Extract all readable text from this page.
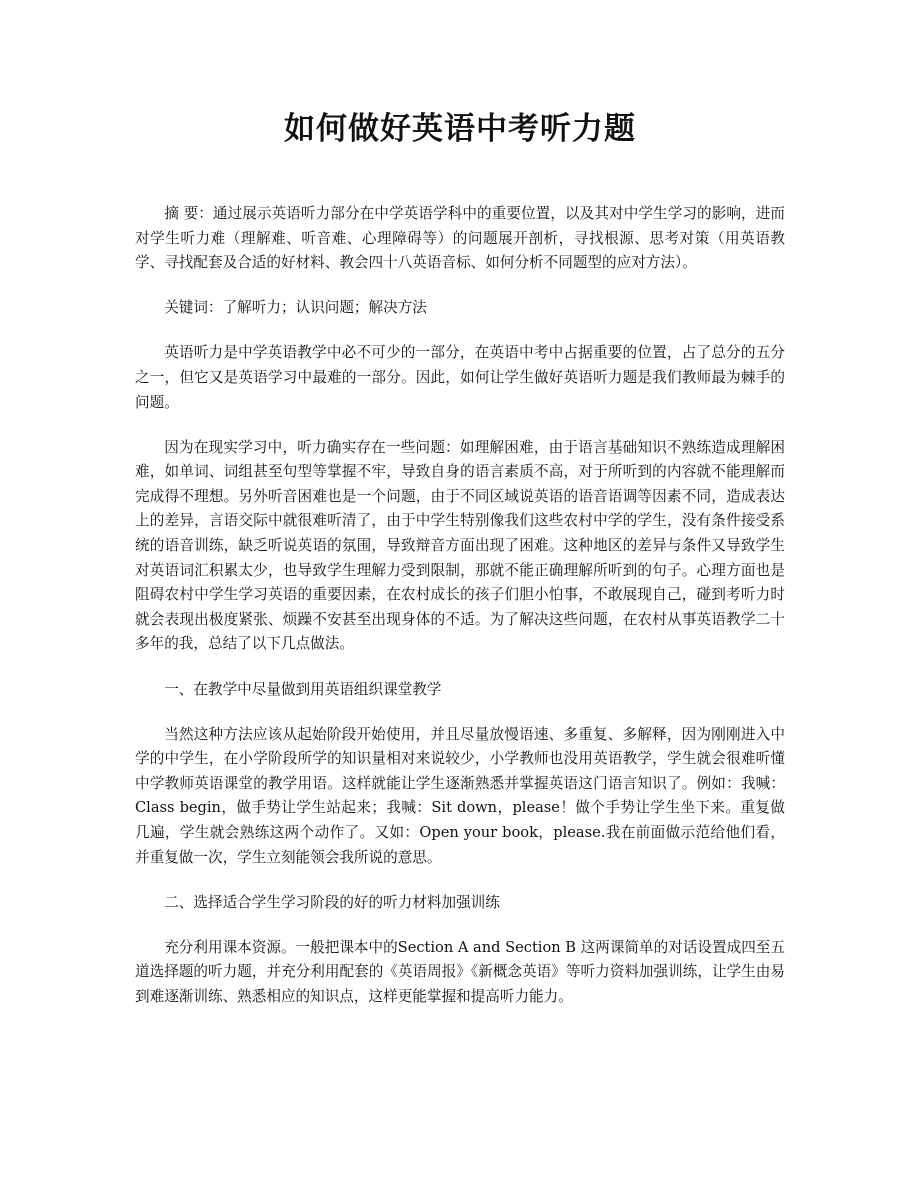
如何做好英语中考听力题

摘 要：通过展示英语听力部分在中学英语学科中的重要位置，以及其对中学生学习的影响，进而对学生听力难（理解难、听音难、心理障碍等）的问题展开剖析，寻找根源、思考对策（用英语教学、寻找配套及合适的好材料、教会四十八英语音标、如何分析不同题型的应对方法）。

关键词：了解听力；认识问题；解决方法

英语听力是中学英语教学中必不可少的一部分，在英语中考中占据重要的位置，占了总分的五分之一，但它又是英语学习中最难的一部分。因此，如何让学生做好英语听力题是我们教师最为棘手的问题。

因为在现实学习中，听力确实存在一些问题：如理解困难，由于语言基础知识不熟练造成理解困难，如单词、词组甚至句型等掌握不牢，导致自身的语言素质不高，对于所听到的内容就不能理解而完成得不理想。另外听音困难也是一个问题，由于不同区域说英语的语音语调等因素不同，造成表达上的差异，言语交际中就很难听清了，由于中学生特别像我们这些农村中学的学生，没有条件接受系统的语音训练，缺乏听说英语的氛围，导致辩音方面出现了困难。这种地区的差异与条件又导致学生对英语词汇积累太少，也导致学生理解力受到限制，那就不能正确理解所听到的句子。心理方面也是阻碍农村中学生学习英语的重要因素，在农村成长的孩子们胆小怕事，不敢展现自己，碰到考听力时就会表现出极度紧张、烦躁不安甚至出现身体的不适。为了解决这些问题，在农村从事英语教学二十多年的我，总结了以下几点做法。

一、在教学中尽量做到用英语组织课堂教学

当然这种方法应该从起始阶段开始使用，并且尽量放慢语速、多重复、多解释，因为刚刚进入中学的中学生，在小学阶段所学的知识量相对来说较少，小学教师也没用英语教学，学生就会很难听懂中学教师英语课堂的教学用语。这样就能让学生逐渐熟悉并掌握英语这门语言知识了。例如：我喊：Class begin，做手势让学生站起来；我喊：Sit down，please！做个手势让学生坐下来。重复做几遍，学生就会熟练这两个动作了。又如：Open your book，please.我在前面做示范给他们看，并重复做一次，学生立刻能领会我所说的意思。

二、选择适合学生学习阶段的好的听力材料加强训练

充分利用课本资源。一般把课本中的Section A and Section B 这两课简单的对话设置成四至五道选择题的听力题，并充分利用配套的《英语周报》《新概念英语》等听力资料加强训练，让学生由易到难逐渐训练、熟悉相应的知识点，这样更能掌握和提高听力能力。
